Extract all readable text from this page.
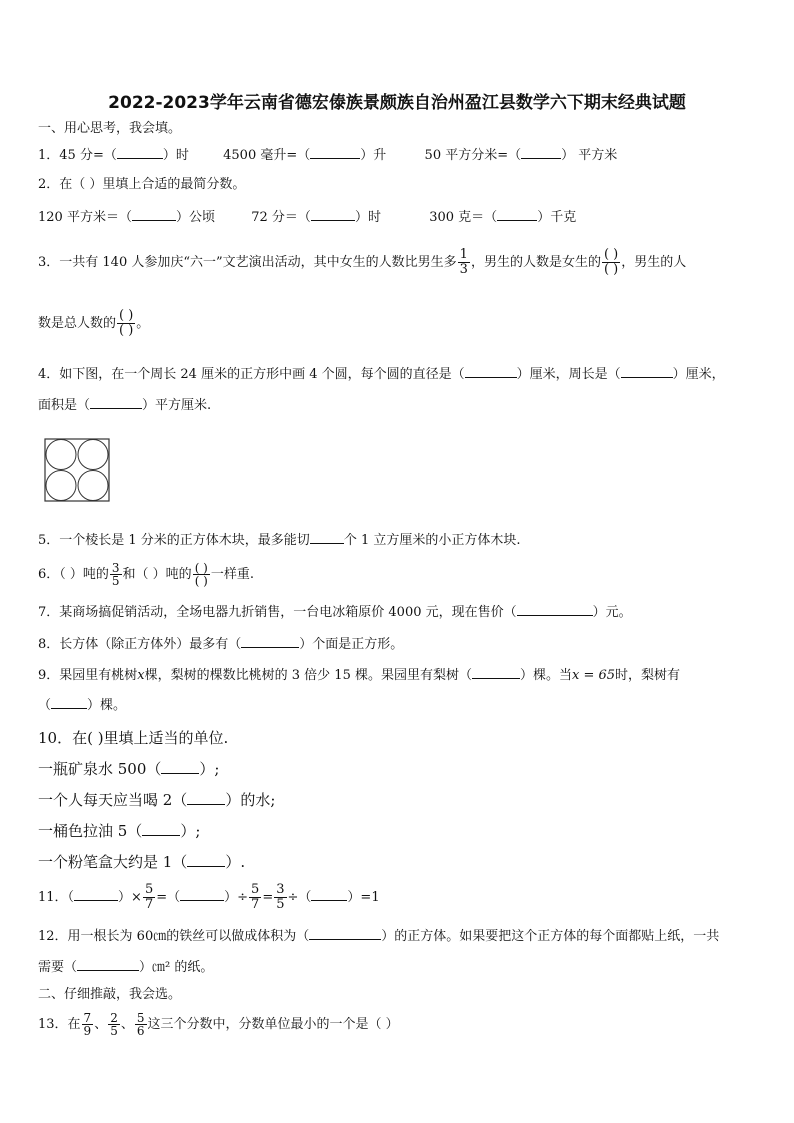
2022-2023学年云南省德宏傣族景颇族自治州盈江县数学六下期末经典试题
一、用心思考，我会填。
1．45 分=（	）时	4500 毫升=（	）升	50 平方分米=（	） 平方米
2．在（ ）里填上合适的最简分数。
120 平方米＝（	）公顷	72 分＝（	）时	300 克＝（	）千克
3．一共有 140 人参加庆“六一”文艺演出活动，其中女生的人数比男生多 $\frac{1}{3}$ ，男生的人数是女生的 $\frac{( )}{( )}$ ，男生的人
数是总人数的 $\frac{( )}{( )}$ 。
4．如下图，在一个周长 24 厘米的正方形中画 4 个圆，每个圆的直径是（	）厘米，周长是（	）厘米，
面积是（	）平方厘米.
5．一个棱长是 1 分米的正方体木块，最多能切	个 1 立方厘米的小正方体木块.
6．（ ）吨的 $\frac{3}{5}$ 和（ ）吨的 $\frac{( )}{( )}$ 一样重.
7．某商场搞促销活动，全场电器九折销售，一台电冰箱原价 4000 元，现在售价（	）元。
8．长方体（除正方体外）最多有（	）个面是正方形。
9．果园里有桃树x棵，梨树的棵数比桃树的 3 倍少 15 棵。果园里有梨树（	）棵。当x = 65时，梨树有
（	）棵。
10．在( )里填上适当的单位.
一瓶矿泉水 500（	）;
一个人每天应当喝 2（	）的水;
一桶色拉油 5（	）;
一个粉笔盒大约是 1（	）.
11．（	）× $\frac{5}{7}$ =（	）÷ $\frac{5}{7} = \frac{3}{5}$ ÷（	）=1
12．用一根长为 60㎝的铁丝可以做成体积为（	）的正方体。如果要把这个正方体的每个面都贴上纸，一共
需要（	）㎝² 的纸。
二、仔细推敲，我会选。
13．在 $\frac{7}{9}$ 、 $\frac{2}{5}$ 、 $\frac{5}{6}$ 这三个分数中，分数单位最小的一个是（ ）
